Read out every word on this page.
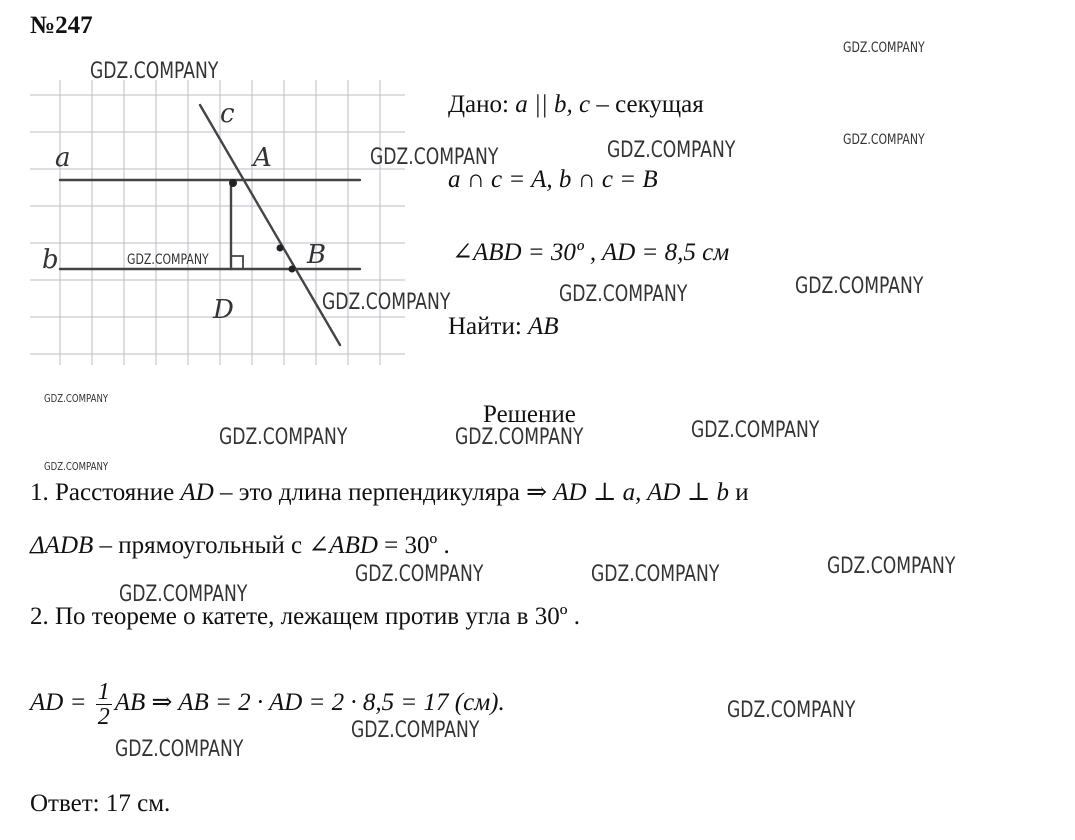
№247
c
a	A
b	B
D
Дано: a || b, c – секущая
a ∩ c = A, b ∩ c = B
∠ABD = 30º , AD = 8,5 см
Найти: AB
Решение
1. Расстояние AD – это длина перпендикуляра ⇒ AD ⊥ a, AD ⊥ b и
ΔADB – прямоугольный с ∠ABD = 30º .
2. По теореме о катете, лежащем против угла в 30º .
AD = $\frac{1}{2}$ AB ⇒ AB = 2 · AD = 2 · 8,5 = 17 (см).
Ответ: 17 см.
GDZ.COMPANY
GDZ.COMPANY
GDZ.COMPANY
GDZ.COMPANY	GDZ.COMPANY
GDZ.COMPANY
GDZ.COMPANY
GDZ.COMPANY
GDZ.COMPANY
GDZ.COMPANY
GDZ.COMPANY
GDZ.COMPANY	GDZ.COMPANY
GDZ.COMPANY
GDZ.COMPANY
GDZ.COMPANY	GDZ.COMPANY
GDZ.COMPANY
GDZ.COMPANY
GDZ.COMPANY
GDZ.COMPANY
